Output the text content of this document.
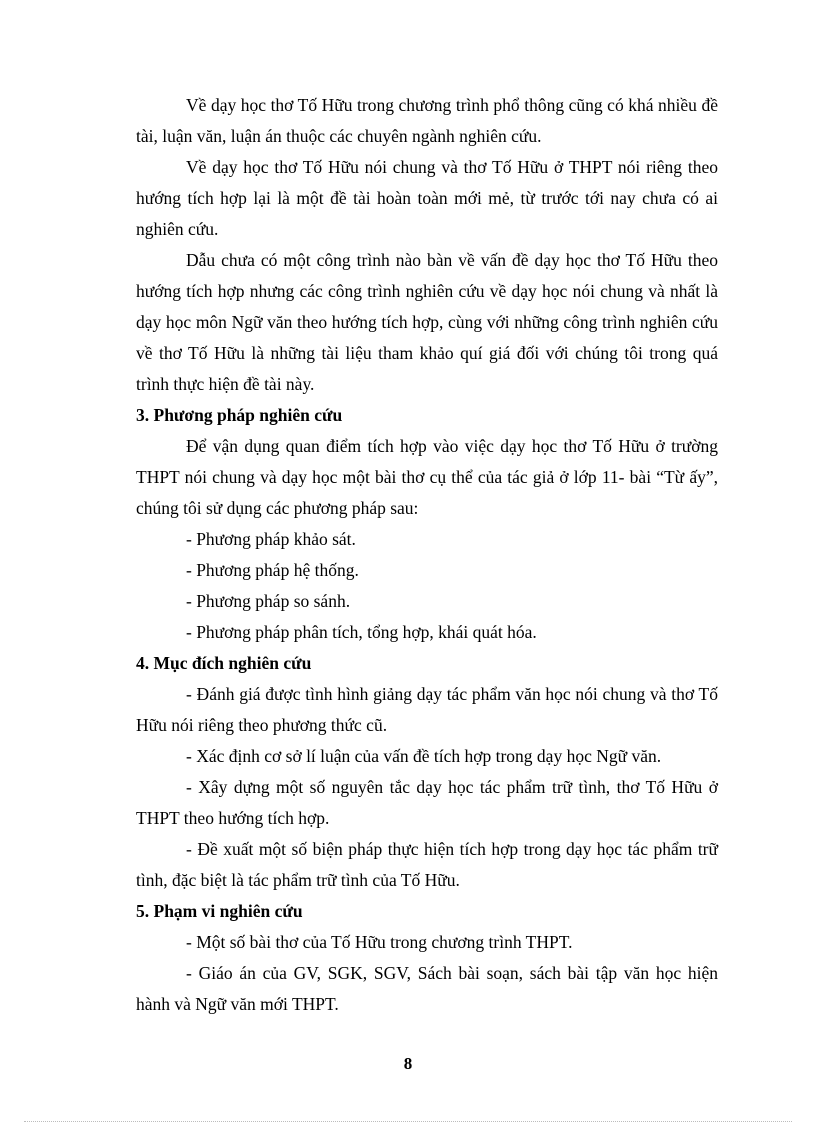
Về dạy học thơ Tố Hữu trong chương trình phổ thông cũng có khá nhiều đề tài, luận văn, luận án thuộc các chuyên ngành nghiên cứu.

Về dạy học thơ Tố Hữu nói chung và thơ Tố Hữu ở THPT nói riêng theo hướng tích hợp lại là một đề tài hoàn toàn mới mẻ, từ trước tới nay chưa có ai nghiên cứu.

Dẫu chưa có một công trình nào bàn về vấn đề dạy học thơ Tố Hữu theo hướng tích hợp nhưng các công trình nghiên cứu về dạy học nói chung và nhất là dạy học môn Ngữ văn theo hướng tích hợp, cùng với những công trình nghiên cứu về thơ Tố Hữu là những tài liệu tham khảo quí giá đối với chúng tôi trong quá trình thực hiện đề tài này.

3. Phương pháp nghiên cứu

Để vận dụng quan điểm tích hợp vào việc dạy học thơ Tố Hữu ở trường THPT nói chung và dạy học một bài thơ cụ thể của tác giả ở lớp 11- bài “Từ ấy”, chúng tôi sử dụng các phương pháp sau:

- Phương pháp khảo sát.

- Phương pháp hệ thống.

- Phương pháp so sánh.

- Phương pháp phân tích, tổng hợp, khái quát hóa.

4. Mục đích nghiên cứu

- Đánh giá được tình hình giảng dạy tác phẩm văn học nói chung và thơ Tố Hữu nói riêng theo phương thức cũ.

- Xác định cơ sở lí luận của vấn đề tích hợp trong dạy học Ngữ văn.

- Xây dựng một số nguyên tắc dạy học tác phẩm trữ tình, thơ Tố Hữu ở THPT theo hướng tích hợp.

- Đề xuất một số biện pháp thực hiện tích hợp trong dạy học tác phẩm trữ tình, đặc biệt là tác phẩm trữ tình của Tố Hữu.

5. Phạm vi nghiên cứu

- Một số bài thơ của Tố Hữu trong chương trình THPT.

- Giáo án của GV, SGK, SGV, Sách bài soạn, sách bài tập văn học hiện hành và Ngữ văn mới THPT.

8
